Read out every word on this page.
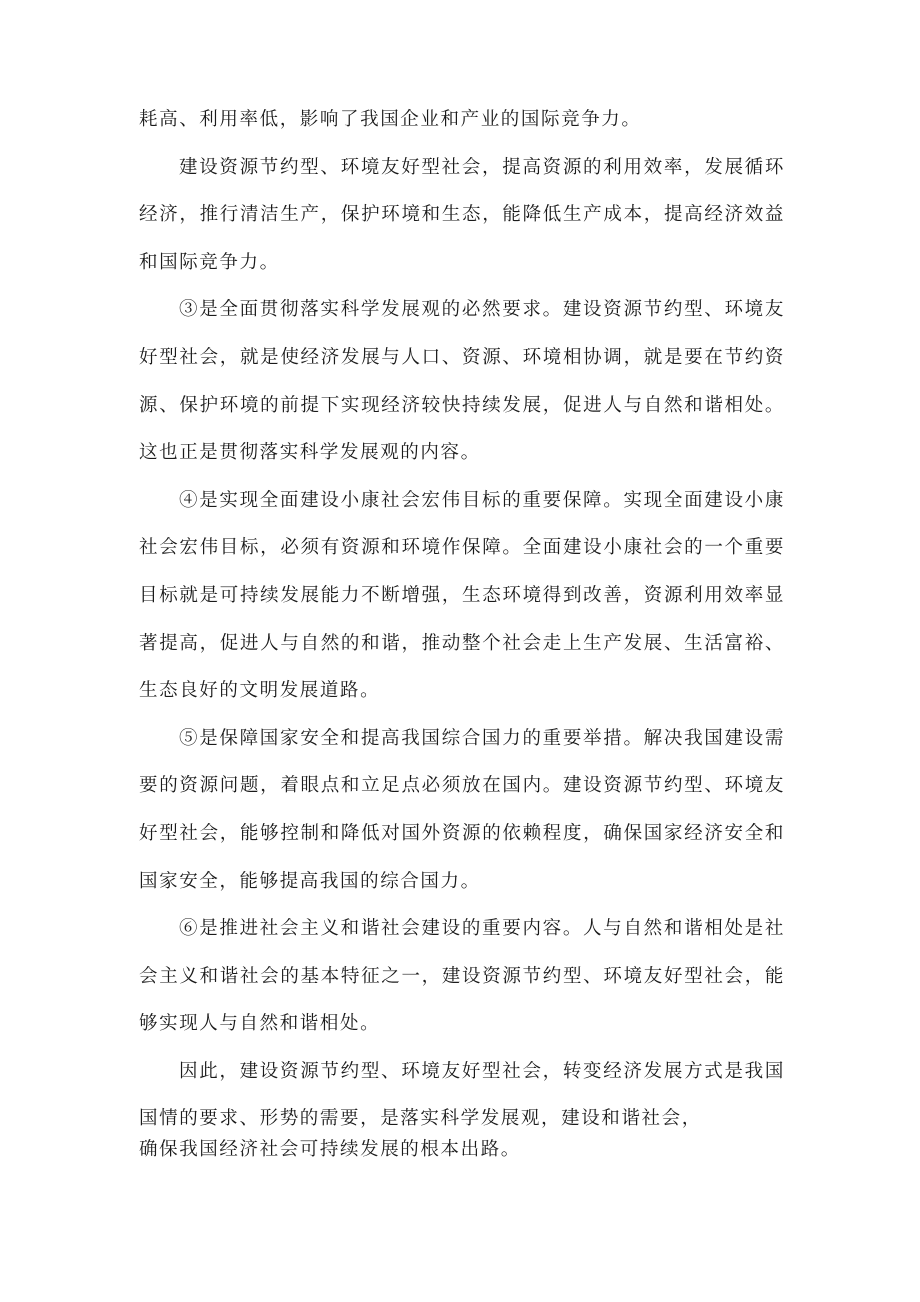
耗高、利用率低，影响了我国企业和产业的国际竞争力。

建设资源节约型、环境友好型社会，提高资源的利用效率，发展循环经济，推行清洁生产，保护环境和生态，能降低生产成本，提高经济效益和国际竞争力。

③是全面贯彻落实科学发展观的必然要求。建设资源节约型、环境友好型社会，就是使经济发展与人口、资源、环境相协调，就是要在节约资源、保护环境的前提下实现经济较快持续发展，促进人与自然和谐相处。这也正是贯彻落实科学发展观的内容。

④是实现全面建设小康社会宏伟目标的重要保障。实现全面建设小康社会宏伟目标，必须有资源和环境作保障。全面建设小康社会的一个重要目标就是可持续发展能力不断增强，生态环境得到改善，资源利用效率显著提高，促进人与自然的和谐，推动整个社会走上生产发展、生活富裕、生态良好的文明发展道路。

⑤是保障国家安全和提高我国综合国力的重要举措。解决我国建设需要的资源问题，着眼点和立足点必须放在国内。建设资源节约型、环境友好型社会，能够控制和降低对国外资源的依赖程度，确保国家经济安全和国家安全，能够提高我国的综合国力。

⑥是推进社会主义和谐社会建设的重要内容。人与自然和谐相处是社会主义和谐社会的基本特征之一，建设资源节约型、环境友好型社会，能够实现人与自然和谐相处。

因此，建设资源节约型、环境友好型社会，转变经济发展方式是我国国情的要求、形势的需要，是落实科学发展观，建设和谐社会，

确保我国经济社会可持续发展的根本出路。
